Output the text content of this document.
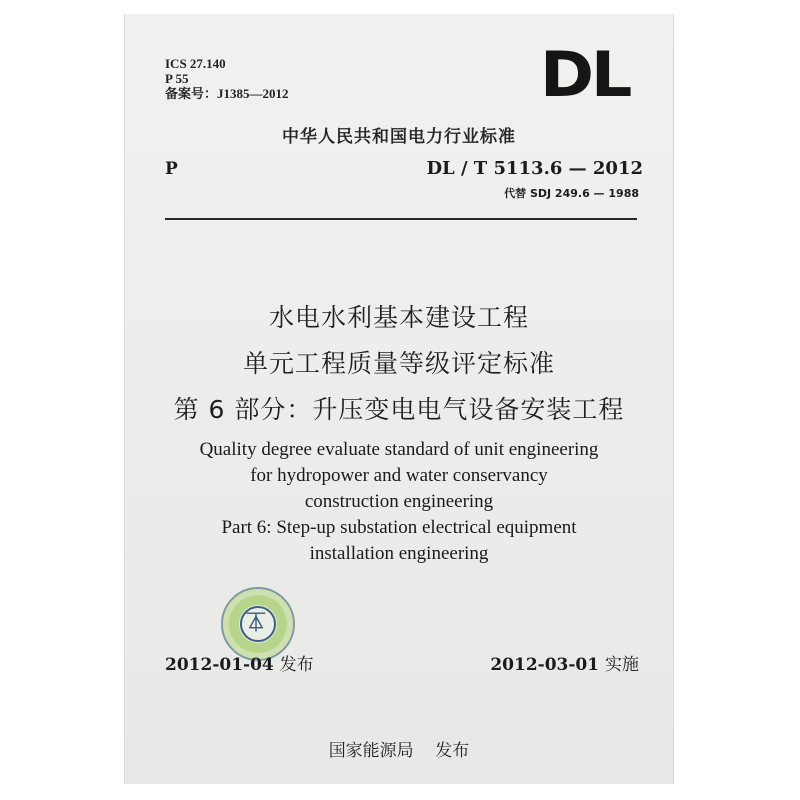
ICS 27.140
P 55
备案号：J1385—2012	DL
中华人民共和国电力行业标准
P	DL / T 5113.6 — 2012
代替 SDJ 249.6 — 1988
水电水利基本建设工程
单元工程质量等级评定标准
第 6 部分：升压变电电气设备安装工程
Quality degree evaluate standard of unit engineering
for hydropower and water conservancy
construction engineering
Part 6: Step-up substation electrical equipment
installation engineering
⏄
2012-01-04 发布	2012-03-01 实施
国家能源局    发布
